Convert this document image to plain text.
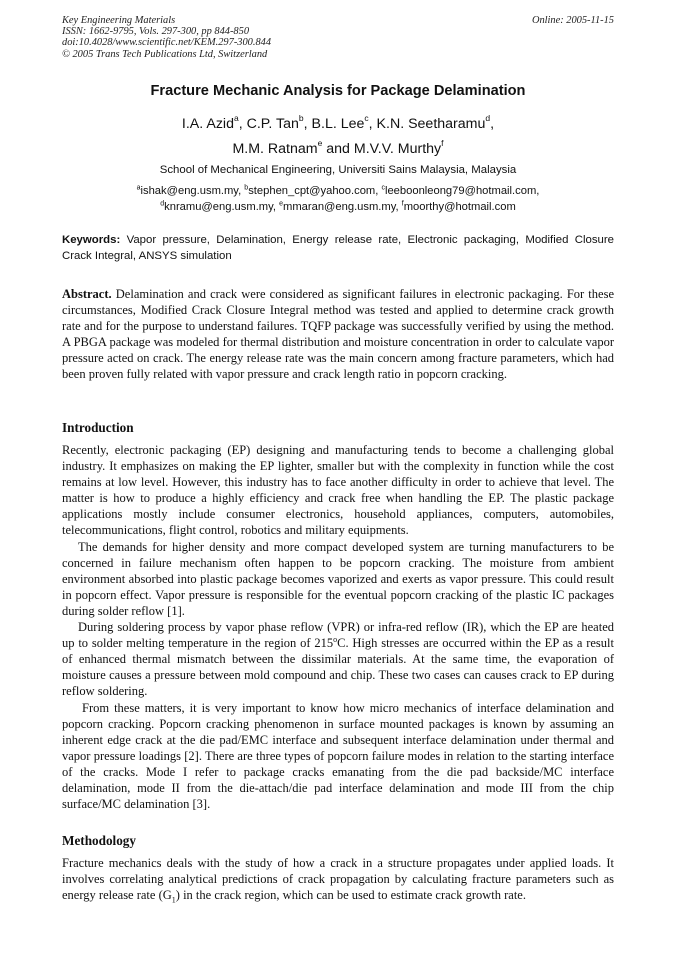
Key Engineering Materials
ISSN: 1662-9795, Vols. 297-300, pp 844-850
doi:10.4028/www.scientific.net/KEM.297-300.844
© 2005 Trans Tech Publications Ltd, Switzerland
Online: 2005-11-15
Fracture Mechanic Analysis for Package Delamination
I.A. Azid$^a$, C.P. Tan$^b$, B.L. Lee$^c$, K.N. Seetharamu$^d$,
M.M. Ratnam$^e$ and M.V.V. Murthy$^f$
School of Mechanical Engineering, Universiti Sains Malaysia, Malaysia
$^a$ishak@eng.usm.my, $^b$stephen_cpt@yahoo.com, $^c$leeboonleong79@hotmail.com,
$^d$knramu@eng.usm.my, $^e$mmaran@eng.usm.my, $^f$moorthy@hotmail.com
Keywords: Vapor pressure, Delamination, Energy release rate, Electronic packaging, Modified Closure Crack Integral, ANSYS simulation
Abstract. Delamination and crack were considered as significant failures in electronic packaging. For these circumstances, Modified Crack Closure Integral method was tested and applied to determine crack growth rate and for the purpose to understand failures. TQFP package was successfully verified by using the method. A PBGA package was modeled for thermal distribution and moisture concentration in order to calculate vapor pressure acted on crack. The energy release rate was the main concern among fracture parameters, which had been proven fully related with vapor pressure and crack length ratio in popcorn cracking.
Introduction

Recently, electronic packaging (EP) designing and manufacturing tends to become a challenging global industry. It emphasizes on making the EP lighter, smaller but with the complexity in function while the cost remains at low level. However, this industry has to face another difficulty in order to achieve that level. The matter is how to produce a highly efficiency and crack free when handling the EP. The plastic package applications mostly include consumer electronics, household appliances, computers, automobiles, telecommunications, flight control, robotics and military equipments.

The demands for higher density and more compact developed system are turning manufacturers to be concerned in failure mechanism often happen to be popcorn cracking. The moisture from ambient environment absorbed into plastic package becomes vaporized and exerts as vapor pressure. This could result in popcorn effect. Vapor pressure is responsible for the eventual popcorn cracking of the plastic IC packages during solder reflow [1].

During soldering process by vapor phase reflow (VPR) or infra-red reflow (IR), which the EP are heated up to solder melting temperature in the region of 215$^o$C. High stresses are occurred within the EP as a result of enhanced thermal mismatch between the dissimilar materials. At the same time, the evaporation of moisture causes a pressure between mold compound and chip. These two cases can causes crack to EP during reflow soldering.

From these matters, it is very important to know how micro mechanics of interface delamination and popcorn cracking. Popcorn cracking phenomenon in surface mounted packages is known by assuming an inherent edge crack at the die pad/EMC interface and subsequent interface delamination under thermal and vapor pressure loadings [2]. There are three types of popcorn failure modes in relation to the starting interface of the cracks. Mode I refer to package cracks emanating from the die pad backside/MC interface delamination, mode II from the die-attach/die pad interface delamination and mode III from the chip surface/MC delamination [3].

Methodology
Fracture mechanics deals with the study of how a crack in a structure propagates under applied loads. It involves correlating analytical predictions of crack propagation by calculating fracture parameters such as energy release rate $(G_1)$ in the crack region, which can be used to estimate crack growth rate.
